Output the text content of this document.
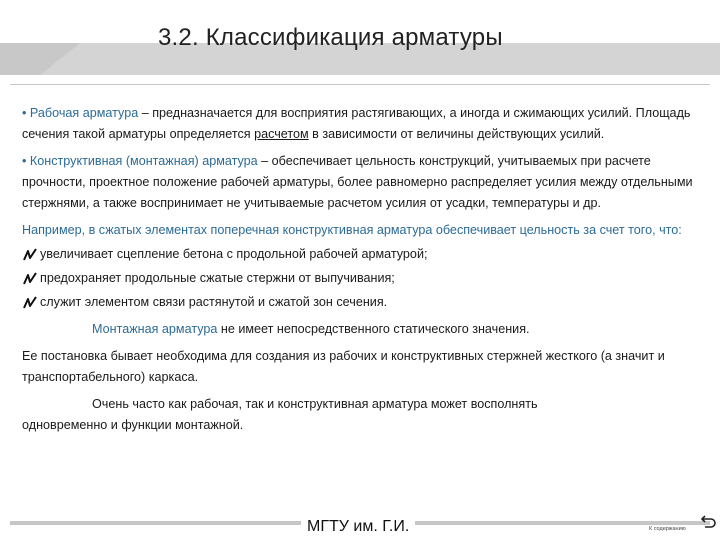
3.2. Классификация арматуры

• Рабочая арматура – предназначается для восприятия растягивающих, а иногда и сжимающих усилий. Площадь сечения такой арматуры определяется расчетом в зависимости от величины действующих усилий.

• Конструктивная (монтажная) арматура – обеспечивает цельность конструкций, учитываемых при расчете прочности, проектное положение рабочей арматуры, более равномерно распределяет усилия между отдельными стержнями, а также воспринимает не учитываемые расчетом усилия от усадки, температуры и др.

Например, в сжатых элементах поперечная конструктивная арматура обеспечивает цельность за счет того, что:

увеличивает сцепление бетона с продольной рабочей арматурой;
предохраняет продольные сжатые стержни от выпучивания;
служит элементом связи растянутой и сжатой зон сечения.

Монтажная арматура не имеет непосредственного статического значения.

Ее постановка бывает необходима для создания из рабочих и конструктивных стержней жесткого (а значит и транспортабельного) каркаса.

Очень часто как рабочая, так и конструктивная арматура может восполнять

одновременно и функции монтажной.

МГТУ им. Г.И.	К содержанию
